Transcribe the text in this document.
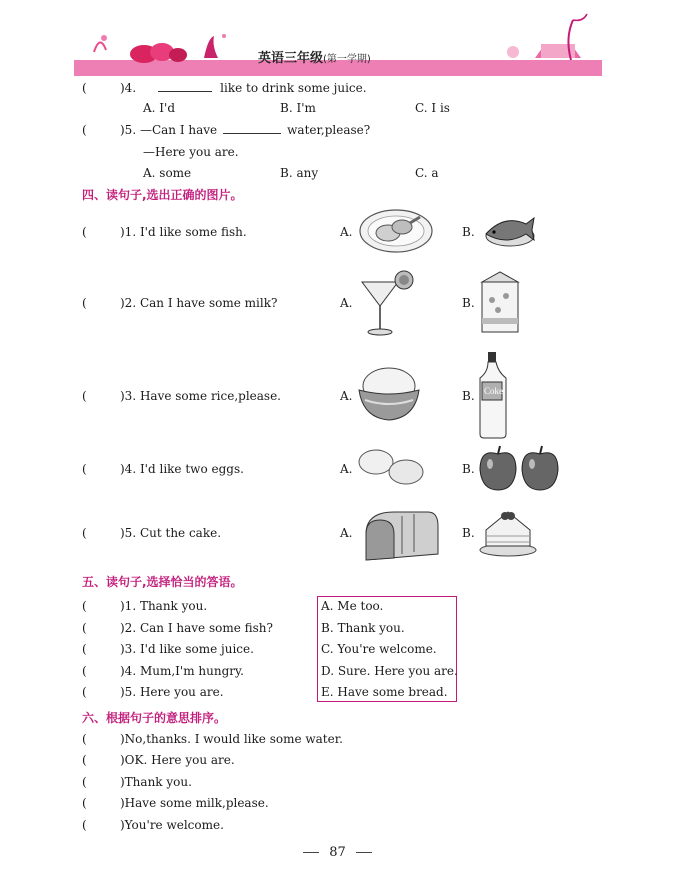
英语三年级(第一学期)
(	)4.	like to drink some juice.
A. I'd	B. I'm	C. I is
(	)5. —Can I have	water,please?
—Here you are.
A. some	B. any	C. a
四、读句子,选出正确的图片。
(	)1. I'd like some fish.	A.	B.
(	)2. Can I have some milk?	A.	B.
(	)3. Have some rice,please.	A.	B. Coke
(	)4. I'd like two eggs.	A.	B.
(	)5. Cut the cake.	A.	B.
五、读句子,选择恰当的答语。
(	)1. Thank you.	A. Me too.
(	)2. Can I have some fish?	B. Thank you.
(	)3. I'd like some juice.	C. You're welcome.
(	)4. Mum,I'm hungry.	D. Sure. Here you are.
(	)5. Here you are.	E. Have some bread.
六、根据句子的意思排序。
(	)No,thanks. I would like some water.
(	)OK. Here you are.
(	)Thank you.
(	)Have some milk,please.
(	)You're welcome.
87
